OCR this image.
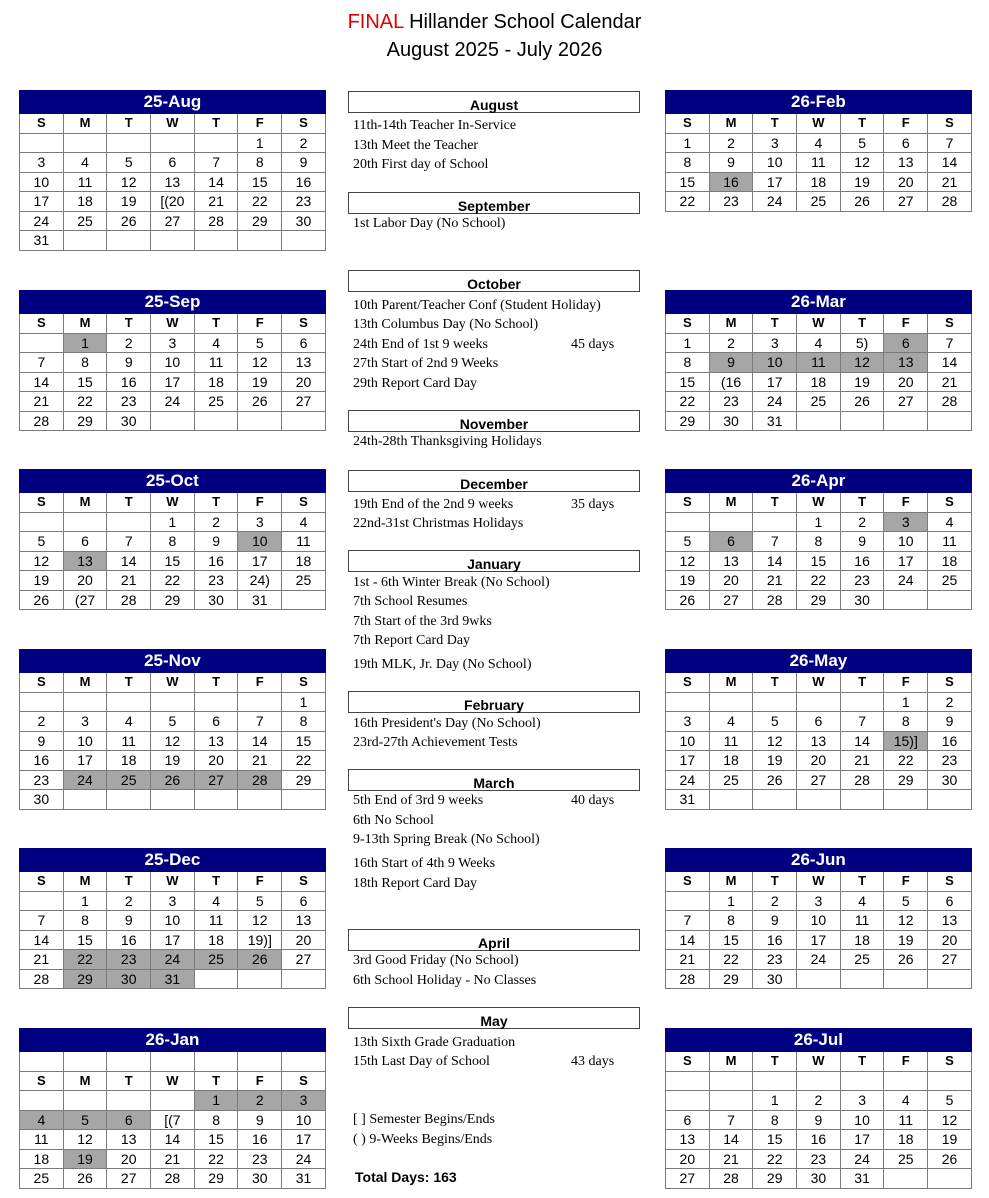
FINAL Hillander School Calendar
August 2025 - July 2026
25-Aug						
S	M	T	W	T	F	S
					1	2
3	4	5	6	7	8	9
10	11	12	13	14	15	16
17	18	19	[(20	21	22	23
24	25	26	27	28	29	30
31						
25-Sep						
S	M	T	W	T	F	S
	1	2	3	4	5	6
7	8	9	10	11	12	13
14	15	16	17	18	19	20
21	22	23	24	25	26	27
28	29	30				
25-Oct						
S	M	T	W	T	F	S
			1	2	3	4
5	6	7	8	9	10	11
12	13	14	15	16	17	18
19	20	21	22	23	24)	25
26	(27	28	29	30	31	
25-Nov						
S	M	T	W	T	F	S
						1
2	3	4	5	6	7	8
9	10	11	12	13	14	15
16	17	18	19	20	21	22
23	24	25	26	27	28	29
30						
25-Dec						
S	M	T	W	T	F	S
	1	2	3	4	5	6
7	8	9	10	11	12	13
14	15	16	17	18	19)]	20
21	22	23	24	25	26	27
28	29	30	31			
26-Jan						

S	M	T	W	T	F	S
				1	2	3
4	5	6	[(7	8	9	10
11	12	13	14	15	16	17
18	19	20	21	22	23	24
25	26	27	28	29	30	31
26-Feb						
S	M	T	W	T	F	S
1	2	3	4	5	6	7
8	9	10	11	12	13	14
15	16	17	18	19	20	21
22	23	24	25	26	27	28
26-Mar						
S	M	T	W	T	F	S
1	2	3	4	5)	6	7
8	9	10	11	12	13	14
15	(16	17	18	19	20	21
22	23	24	25	26	27	28
29	30	31				
26-Apr						
S	M	T	W	T	F	S
			1	2	3	4
5	6	7	8	9	10	11
12	13	14	15	16	17	18
19	20	21	22	23	24	25
26	27	28	29	30		
26-May						
S	M	T	W	T	F	S
					1	2
3	4	5	6	7	8	9
10	11	12	13	14	15)]	16
17	18	19	20	21	22	23
24	25	26	27	28	29	30
31						
26-Jun						
S	M	T	W	T	F	S
	1	2	3	4	5	6
7	8	9	10	11	12	13
14	15	16	17	18	19	20
21	22	23	24	25	26	27
28	29	30				
26-Jul						
S	M	T	W	T	F	S

		1	2	3	4	5
6	7	8	9	10	11	12
13	14	15	16	17	18	19
20	21	22	23	24	25	26
27	28	29	30	31		
August
11th-14th Teacher In-Service
13th Meet the Teacher
20th First day of School
September
1st Labor Day (No School)
October
10th Parent/Teacher Conf (Student Holiday)
13th Columbus Day (No School)
24th End of 1st 9 weeks	45 days
27th Start of 2nd 9 Weeks
29th Report Card Day
November
24th-28th Thanksgiving Holidays
December
19th End of the 2nd 9 weeks	35 days
22nd-31st Christmas Holidays
January
1st - 6th Winter Break (No School)
7th School Resumes
7th Start of the 3rd 9wks
7th Report Card Day
19th MLK, Jr. Day (No School)
February
16th President's Day (No School)
23rd-27th Achievement Tests
March
5th End of 3rd 9 weeks	40 days
6th No School
9-13th Spring Break (No School)
16th Start of 4th 9 Weeks
18th Report Card Day
April
3rd Good Friday (No School)
6th School Holiday - No Classes
May
13th Sixth Grade Graduation
15th Last Day of School	43 days
[ ] Semester Begins/Ends
( ) 9-Weeks Begins/Ends
Total Days: 163
